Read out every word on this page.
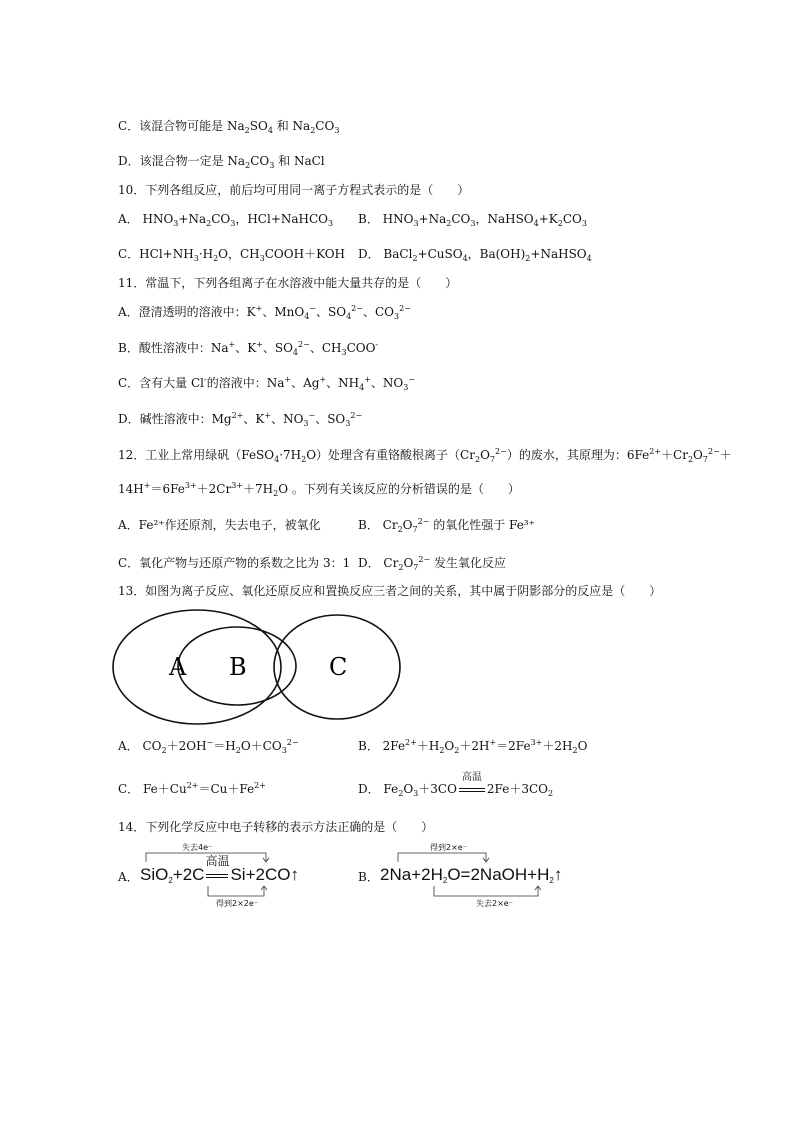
C．该混合物可能是 $Na_2SO_4$ 和 $Na_2CO_3$
D．该混合物一定是 $Na_2CO_3$ 和 NaCl
10．下列各组反应，前后均可用同一离子方程式表示的是（　　）
A． $HNO_3+Na_2CO_3$，HCl+NaHCO$_3$ B． $HNO_3+Na_2CO_3$，$NaHSO_4+K_2CO_3$
C．$HCl+NH_3\cdot H_2O$，$CH_3COOH+KOH$ D． BaCl$_2$+CuSO$_4$，$Ba(OH)_2+NaHSO_4$
11．常温下，下列各组离子在水溶液中能大量共存的是（　　）
A．澄清透明的溶液中：K+、MnO$_4$−、$SO_4^{2-}$、$CO_3^{2-}$
B．酸性溶液中：Na+、K+、$SO_4^{2-}$、$CH_3COO^-$
C．含有大量 Cl-的溶液中：Na+、Ag+、$NH_4^+$、$NO_3^-$
D．碱性溶液中：$Mg^{2+}$、K+、$NO_3^-$、$SO_3^{2-}$
12．工业上常用绿矾$(FeSO_4\cdot 7H_2O)$处理含有重铬酸根离子$(Cr_2O_7^{2-})$的废水，其原理为：$6Fe^{2+}+Cr_2O_7^{2-}+$
$14H^+=6Fe^{3+}+2Cr^{3+}+7H_2O$ 。下列有关该反应的分析错误的是（　　）
A．Fe²⁺作还原剂，失去电子，被氧化	B． $Cr_2O_7^{2-}$ 的氧化性强于 Fe³⁺
C．氧化产物与还原产物的系数之比为 3：1 D． $Cr_2O_7^{2-}$ 发生氧化反应
13．如图为离子反应、氧化还原反应和置换反应三者之间的关系，其中属于阴影部分的反应是（　　）
A B	C
A． $CO_2+2OH^-=H_2O+CO_3^{2-}$	B． $2Fe^{2+}+H_2O_2+2H^+=2Fe^{3+}+2H_2O$
C． $Fe+Cu^{2+}=Cu+Fe^{2+}$	D． $Fe_2O_3+3CO$
高温
$2Fe+3CO_2$
14．下列化学反应中电子转移的表示方法正确的是（　　）
失去4e⁻
A． SiO$_2$+2C
高温
Si+2CO↑
得到2×2e⁻
得到2×e⁻
B． $2Na+2H_2O=2NaOH+H_2↑$
失去2×e⁻
